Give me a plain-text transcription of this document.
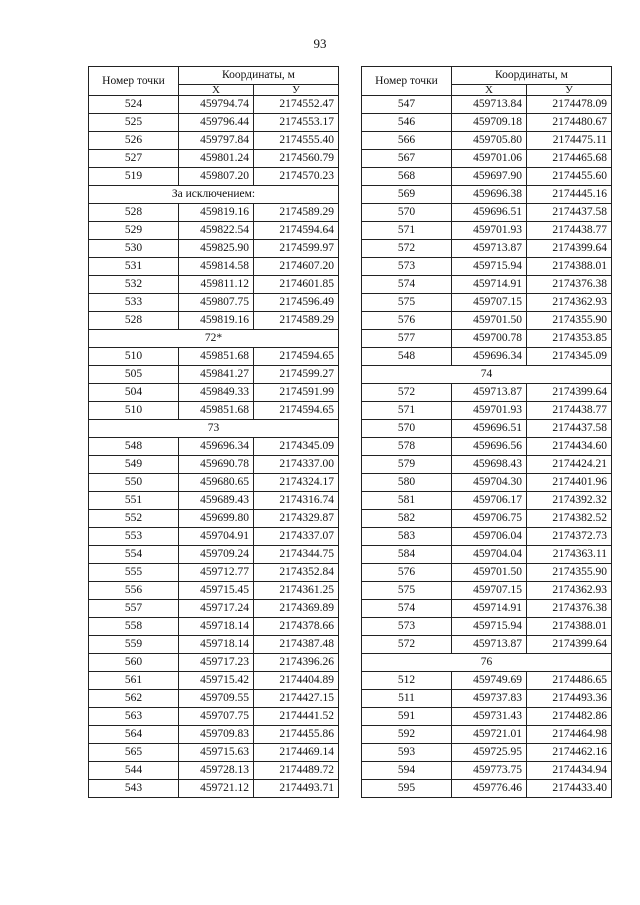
93
Номер точки	Координаты, м	
	X	У
524	459794.74	2174552.47
525	459796.44	2174553.17
526	459797.84	2174555.40
527	459801.24	2174560.79
519	459807.20	2174570.23
За исключением:		
528	459819.16	2174589.29
529	459822.54	2174594.64
530	459825.90	2174599.97
531	459814.58	2174607.20
532	459811.12	2174601.85
533	459807.75	2174596.49
528	459819.16	2174589.29
72*		
510	459851.68	2174594.65
505	459841.27	2174599.27
504	459849.33	2174591.99
510	459851.68	2174594.65
73		
548	459696.34	2174345.09
549	459690.78	2174337.00
550	459680.65	2174324.17
551	459689.43	2174316.74
552	459699.80	2174329.87
553	459704.91	2174337.07
554	459709.24	2174344.75
555	459712.77	2174352.84
556	459715.45	2174361.25
557	459717.24	2174369.89
558	459718.14	2174378.66
559	459718.14	2174387.48
560	459717.23	2174396.26
561	459715.42	2174404.89
562	459709.55	2174427.15
563	459707.75	2174441.52
564	459709.83	2174455.86
565	459715.63	2174469.14
544	459728.13	2174489.72
543	459721.12	2174493.71
Номер точки	Координаты, м	
	X	У
547	459713.84	2174478.09
546	459709.18	2174480.67
566	459705.80	2174475.11
567	459701.06	2174465.68
568	459697.90	2174455.60
569	459696.38	2174445.16
570	459696.51	2174437.58
571	459701.93	2174438.77
572	459713.87	2174399.64
573	459715.94	2174388.01
574	459714.91	2174376.38
575	459707.15	2174362.93
576	459701.50	2174355.90
577	459700.78	2174353.85
548	459696.34	2174345.09
74		
572	459713.87	2174399.64
571	459701.93	2174438.77
570	459696.51	2174437.58
578	459696.56	2174434.60
579	459698.43	2174424.21
580	459704.30	2174401.96
581	459706.17	2174392.32
582	459706.75	2174382.52
583	459706.04	2174372.73
584	459704.04	2174363.11
576	459701.50	2174355.90
575	459707.15	2174362.93
574	459714.91	2174376.38
573	459715.94	2174388.01
572	459713.87	2174399.64
76		
512	459749.69	2174486.65
511	459737.83	2174493.36
591	459731.43	2174482.86
592	459721.01	2174464.98
593	459725.95	2174462.16
594	459773.75	2174434.94
595	459776.46	2174433.40
